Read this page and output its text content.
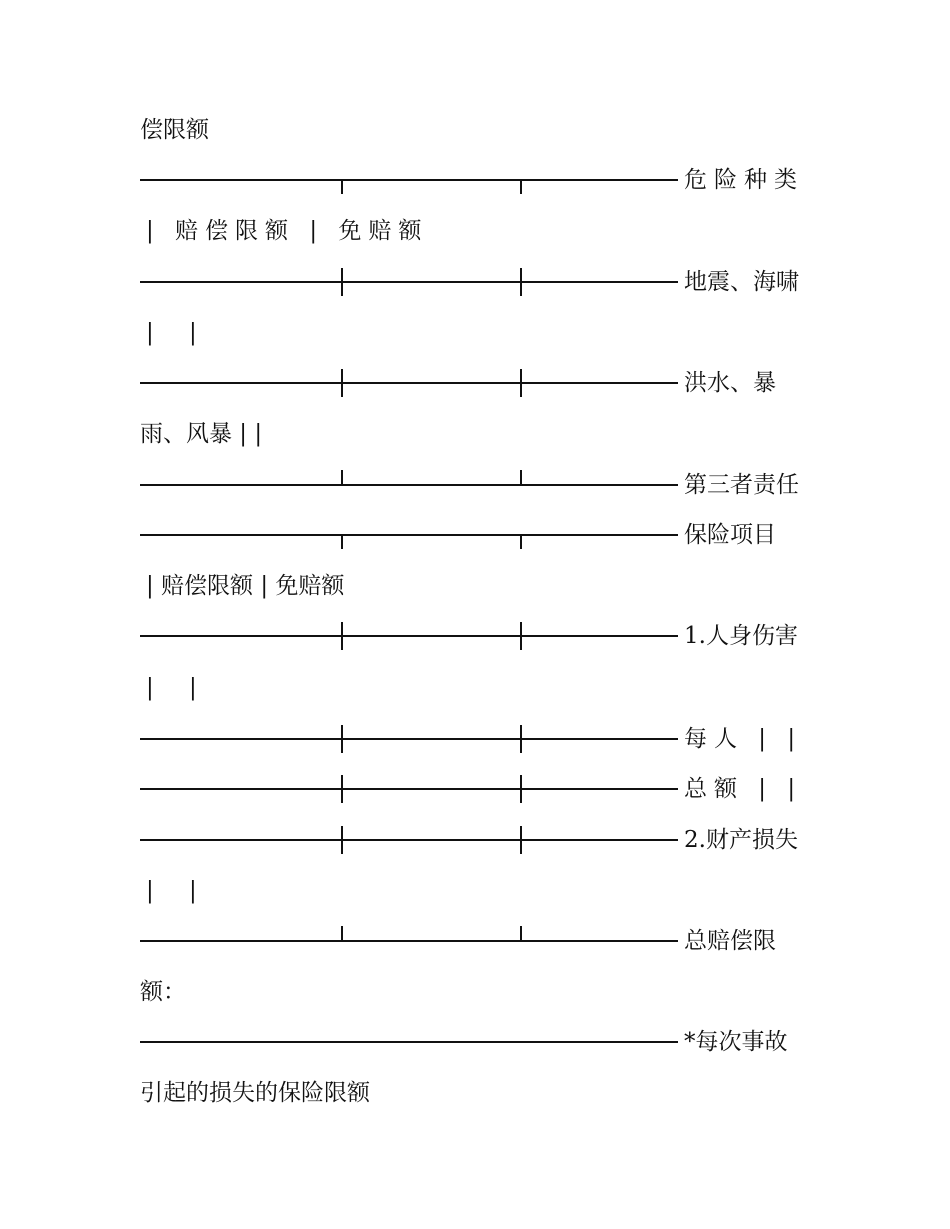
偿限额
危险种类
| 赔偿限额 | 免赔额
地震、海啸
| |
洪水、暴
雨、风暴 | |
第三者责任
保险项目
| 赔偿限额 | 免赔额
1.人身伤害
| |
每人 | |
总额 | |
2.财产损失
| |
总赔偿限
额：
*每次事故
引起的损失的保险限额
